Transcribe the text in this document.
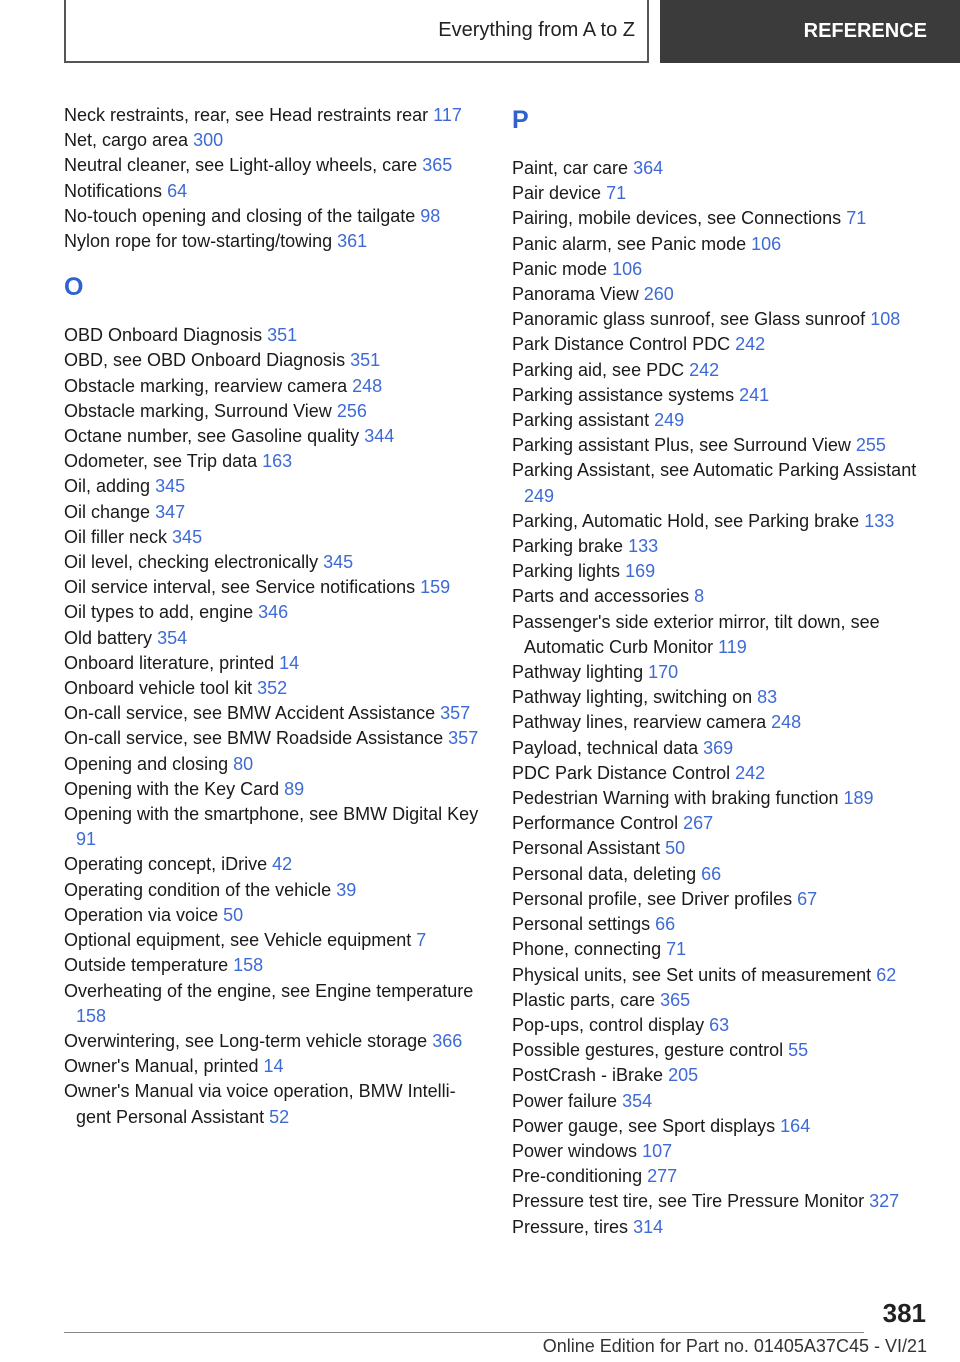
Everything from A to Z	REFERENCE
Neck restraints, rear, see Head restraints rear 117
Net, cargo area 300
Neutral cleaner, see Light-alloy wheels, care 365
Notifications 64
No-touch opening and closing of the tailgate 98
Nylon rope for tow-starting/towing 361
O
OBD Onboard Diagnosis 351
OBD, see OBD Onboard Diagnosis 351
Obstacle marking, rearview camera 248
Obstacle marking, Surround View 256
Octane number, see Gasoline quality 344
Odometer, see Trip data 163
Oil, adding 345
Oil change 347
Oil filler neck 345
Oil level, checking electronically 345
Oil service interval, see Service notifications 159
Oil types to add, engine 346
Old battery 354
Onboard literature, printed 14
Onboard vehicle tool kit 352
On-call service, see BMW Accident Assistance 357
On-call service, see BMW Roadside Assistance 357
Opening and closing 80
Opening with the Key Card 89
Opening with the smartphone, see BMW Digital Key 91
Operating concept, iDrive 42
Operating condition of the vehicle 39
Operation via voice 50
Optional equipment, see Vehicle equipment 7
Outside temperature 158
Overheating of the engine, see Engine temperature 158
Overwintering, see Long-term vehicle storage 366
Owner's Manual, printed 14
Owner's Manual via voice operation, BMW Intelligent Personal Assistant 52
P
Paint, car care 364
Pair device 71
Pairing, mobile devices, see Connections 71
Panic alarm, see Panic mode 106
Panic mode 106
Panorama View 260
Panoramic glass sunroof, see Glass sunroof 108
Park Distance Control PDC 242
Parking aid, see PDC 242
Parking assistance systems 241
Parking assistant 249
Parking assistant Plus, see Surround View 255
Parking Assistant, see Automatic Parking Assistant 249
Parking, Automatic Hold, see Parking brake 133
Parking brake 133
Parking lights 169
Parts and accessories 8
Passenger's side exterior mirror, tilt down, see Automatic Curb Monitor 119
Pathway lighting 170
Pathway lighting, switching on 83
Pathway lines, rearview camera 248
Payload, technical data 369
PDC Park Distance Control 242
Pedestrian Warning with braking function 189
Performance Control 267
Personal Assistant 50
Personal data, deleting 66
Personal profile, see Driver profiles 67
Personal settings 66
Phone, connecting 71
Physical units, see Set units of measurement 62
Plastic parts, care 365
Pop-ups, control display 63
Possible gestures, gesture control 55
PostCrash - iBrake 205
Power failure 354
Power gauge, see Sport displays 164
Power windows 107
Pre-conditioning 277
Pressure test tire, see Tire Pressure Monitor 327
Pressure, tires 314
381
Online Edition for Part no. 01405A37C45 - VI/21
